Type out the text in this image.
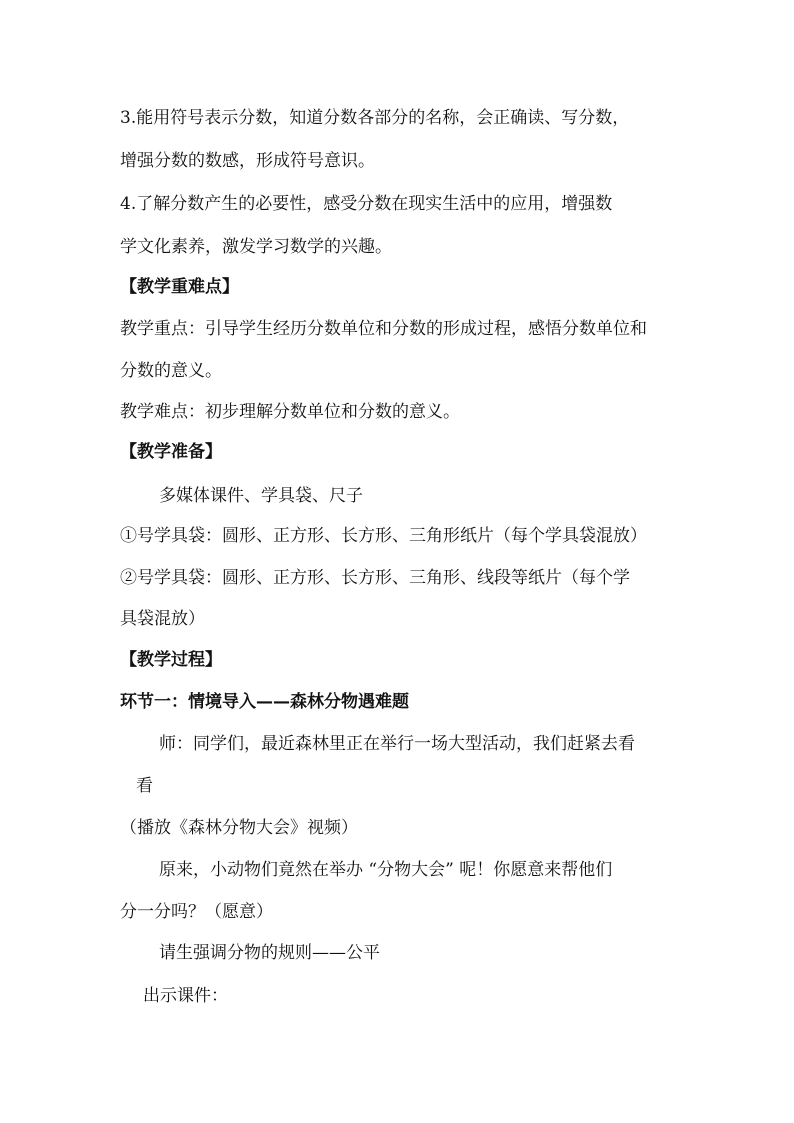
3.能用符号表示分数，知道分数各部分的名称，会正确读、写分数，
增强分数的数感，形成符号意识。
4.了解分数产生的必要性，感受分数在现实生活中的应用，增强数
学文化素养，激发学习数学的兴趣。
【教学重难点】
教学重点：引导学生经历分数单位和分数的形成过程，感悟分数单位和
分数的意义。
教学难点：初步理解分数单位和分数的意义。
【教学准备】
多媒体课件、学具袋、尺子
①号学具袋：圆形、正方形、长方形、三角形纸片（每个学具袋混放）
②号学具袋：圆形、正方形、长方形、三角形、线段等纸片（每个学
具袋混放）
【教学过程】
环节一：情境导入——森林分物遇难题
师：同学们，最近森林里正在举行一场大型活动，我们赶紧去看
看
（播放《森林分物大会》视频）
原来，小动物们竟然在举办 “分物大会” 呢！你愿意来帮他们
分一分吗？（愿意）
请生强调分物的规则——公平
出示课件：
